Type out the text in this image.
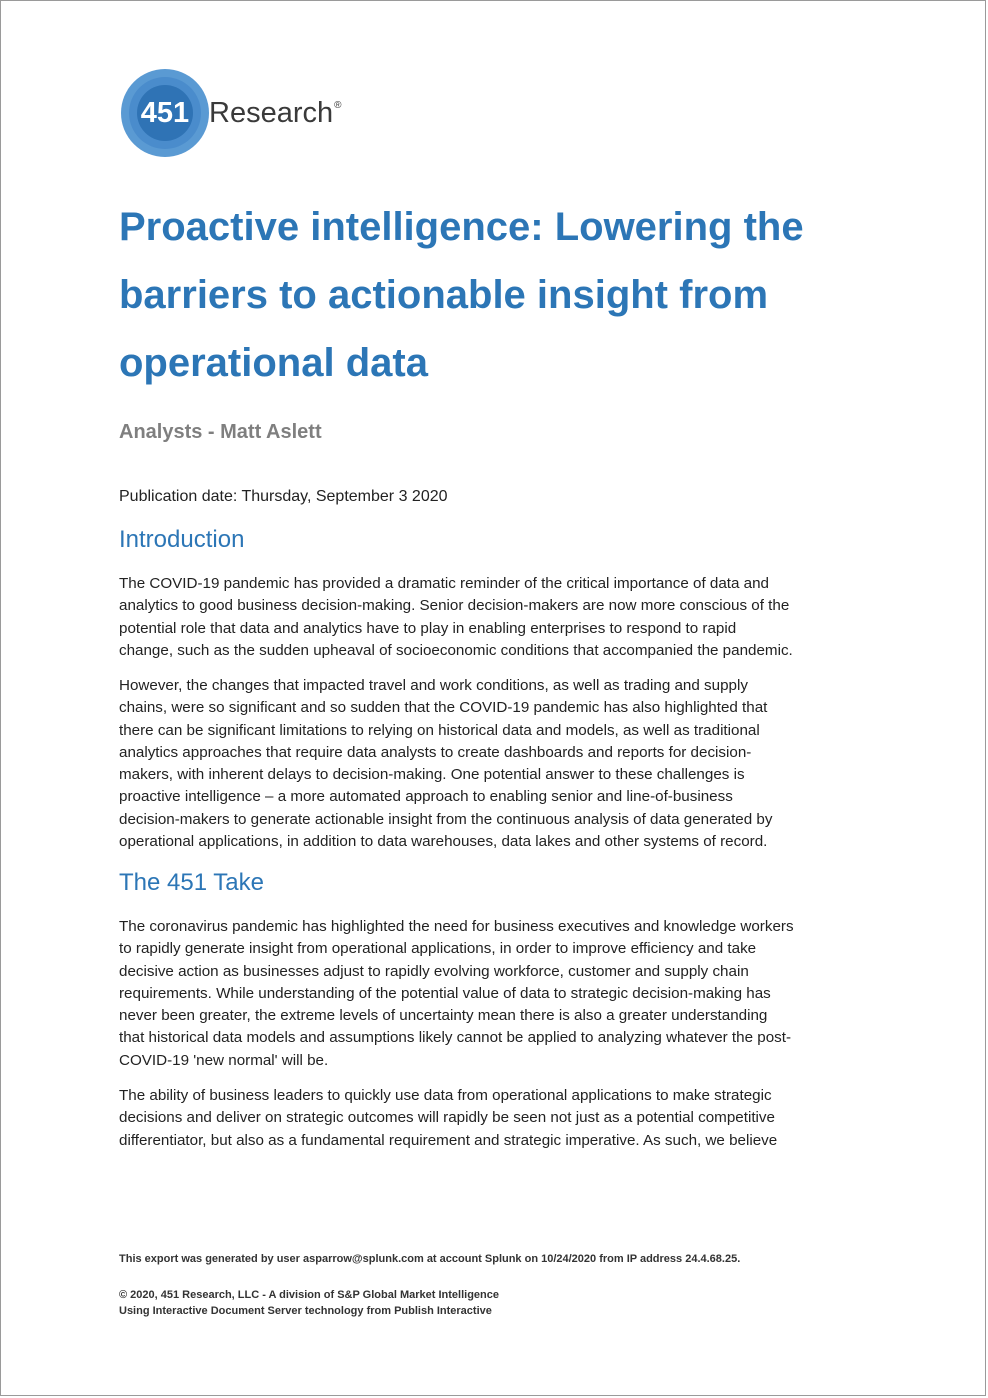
451 Research®
Proactive intelligence: Lowering the
barriers to actionable insight from
operational data
Analysts - Matt Aslett
Publication date: Thursday, September 3 2020
Introduction

The COVID-19 pandemic has provided a dramatic reminder of the critical importance of data and
analytics to good business decision-making. Senior decision-makers are now more conscious of the
potential role that data and analytics have to play in enabling enterprises to respond to rapid
change, such as the sudden upheaval of socioeconomic conditions that accompanied the pandemic.

However, the changes that impacted travel and work conditions, as well as trading and supply
chains, were so significant and so sudden that the COVID-19 pandemic has also highlighted that
there can be significant limitations to relying on historical data and models, as well as traditional
analytics approaches that require data analysts to create dashboards and reports for decision-
makers, with inherent delays to decision-making. One potential answer to these challenges is
proactive intelligence – a more automated approach to enabling senior and line-of-business
decision-makers to generate actionable insight from the continuous analysis of data generated by
operational applications, in addition to data warehouses, data lakes and other systems of record.

The 451 Take

The coronavirus pandemic has highlighted the need for business executives and knowledge workers
to rapidly generate insight from operational applications, in order to improve efficiency and take
decisive action as businesses adjust to rapidly evolving workforce, customer and supply chain
requirements. While understanding of the potential value of data to strategic decision-making has
never been greater, the extreme levels of uncertainty mean there is also a greater understanding
that historical data models and assumptions likely cannot be applied to analyzing whatever the post-
COVID-19 'new normal' will be.

The ability of business leaders to quickly use data from operational applications to make strategic
decisions and deliver on strategic outcomes will rapidly be seen not just as a potential competitive
differentiator, but also as a fundamental requirement and strategic imperative. As such, we believe

This export was generated by user asparrow@splunk.com at account Splunk on 10/24/2020 from IP address 24.4.68.25.

© 2020, 451 Research, LLC - A division of S&P Global Market Intelligence
Using Interactive Document Server technology from Publish Interactive
